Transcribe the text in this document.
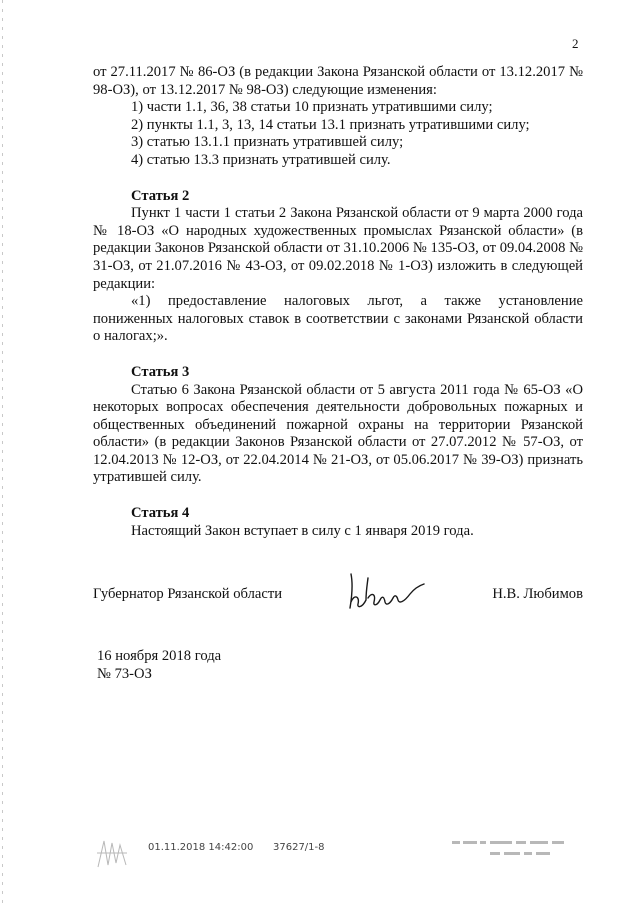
2

от 27.11.2017 № 86-ОЗ (в редакции Закона Рязанской области от 13.12.2017 № 98-ОЗ), от 13.12.2017 № 98-ОЗ) следующие изменения:

1) части 1.1, 36, 38 статьи 10 признать утратившими силу;

2) пункты 1.1, 3, 13, 14 статьи 13.1 признать утратившими силу;

3) статью 13.1.1 признать утратившей силу;

4) статью 13.3 признать утратившей силу.

Статья 2

Пункт 1 части 1 статьи 2 Закона Рязанской области от 9 марта 2000 года № 18-ОЗ «О народных художественных промыслах Рязанской области» (в редакции Законов Рязанской области от 31.10.2006 № 135-ОЗ, от 09.04.2008 № 31-ОЗ, от 21.07.2016 № 43-ОЗ, от 09.02.2018 № 1-ОЗ) изложить в следующей редакции:

«1) предоставление налоговых льгот, а также установление пониженных налоговых ставок в соответствии с законами Рязанской области о налогах;».

Статья 3

Статью 6 Закона Рязанской области от 5 августа 2011 года № 65-ОЗ «О некоторых вопросах обеспечения деятельности добровольных пожарных и общественных объединений пожарной охраны на территории Рязанской области» (в редакции Законов Рязанской области от 27.07.2012 № 57-ОЗ, от 12.04.2013 № 12-ОЗ, от 22.04.2014 № 21-ОЗ, от 05.06.2017 № 39-ОЗ) признать утратившей силу.

Статья 4

Настоящий Закон вступает в силу с 1 января 2019 года.

Губернатор Рязанской области	Н.В. Любимов
16 ноября 2018 года
№ 73-ОЗ
01.11.2018 14:42:00 37627/1-8
